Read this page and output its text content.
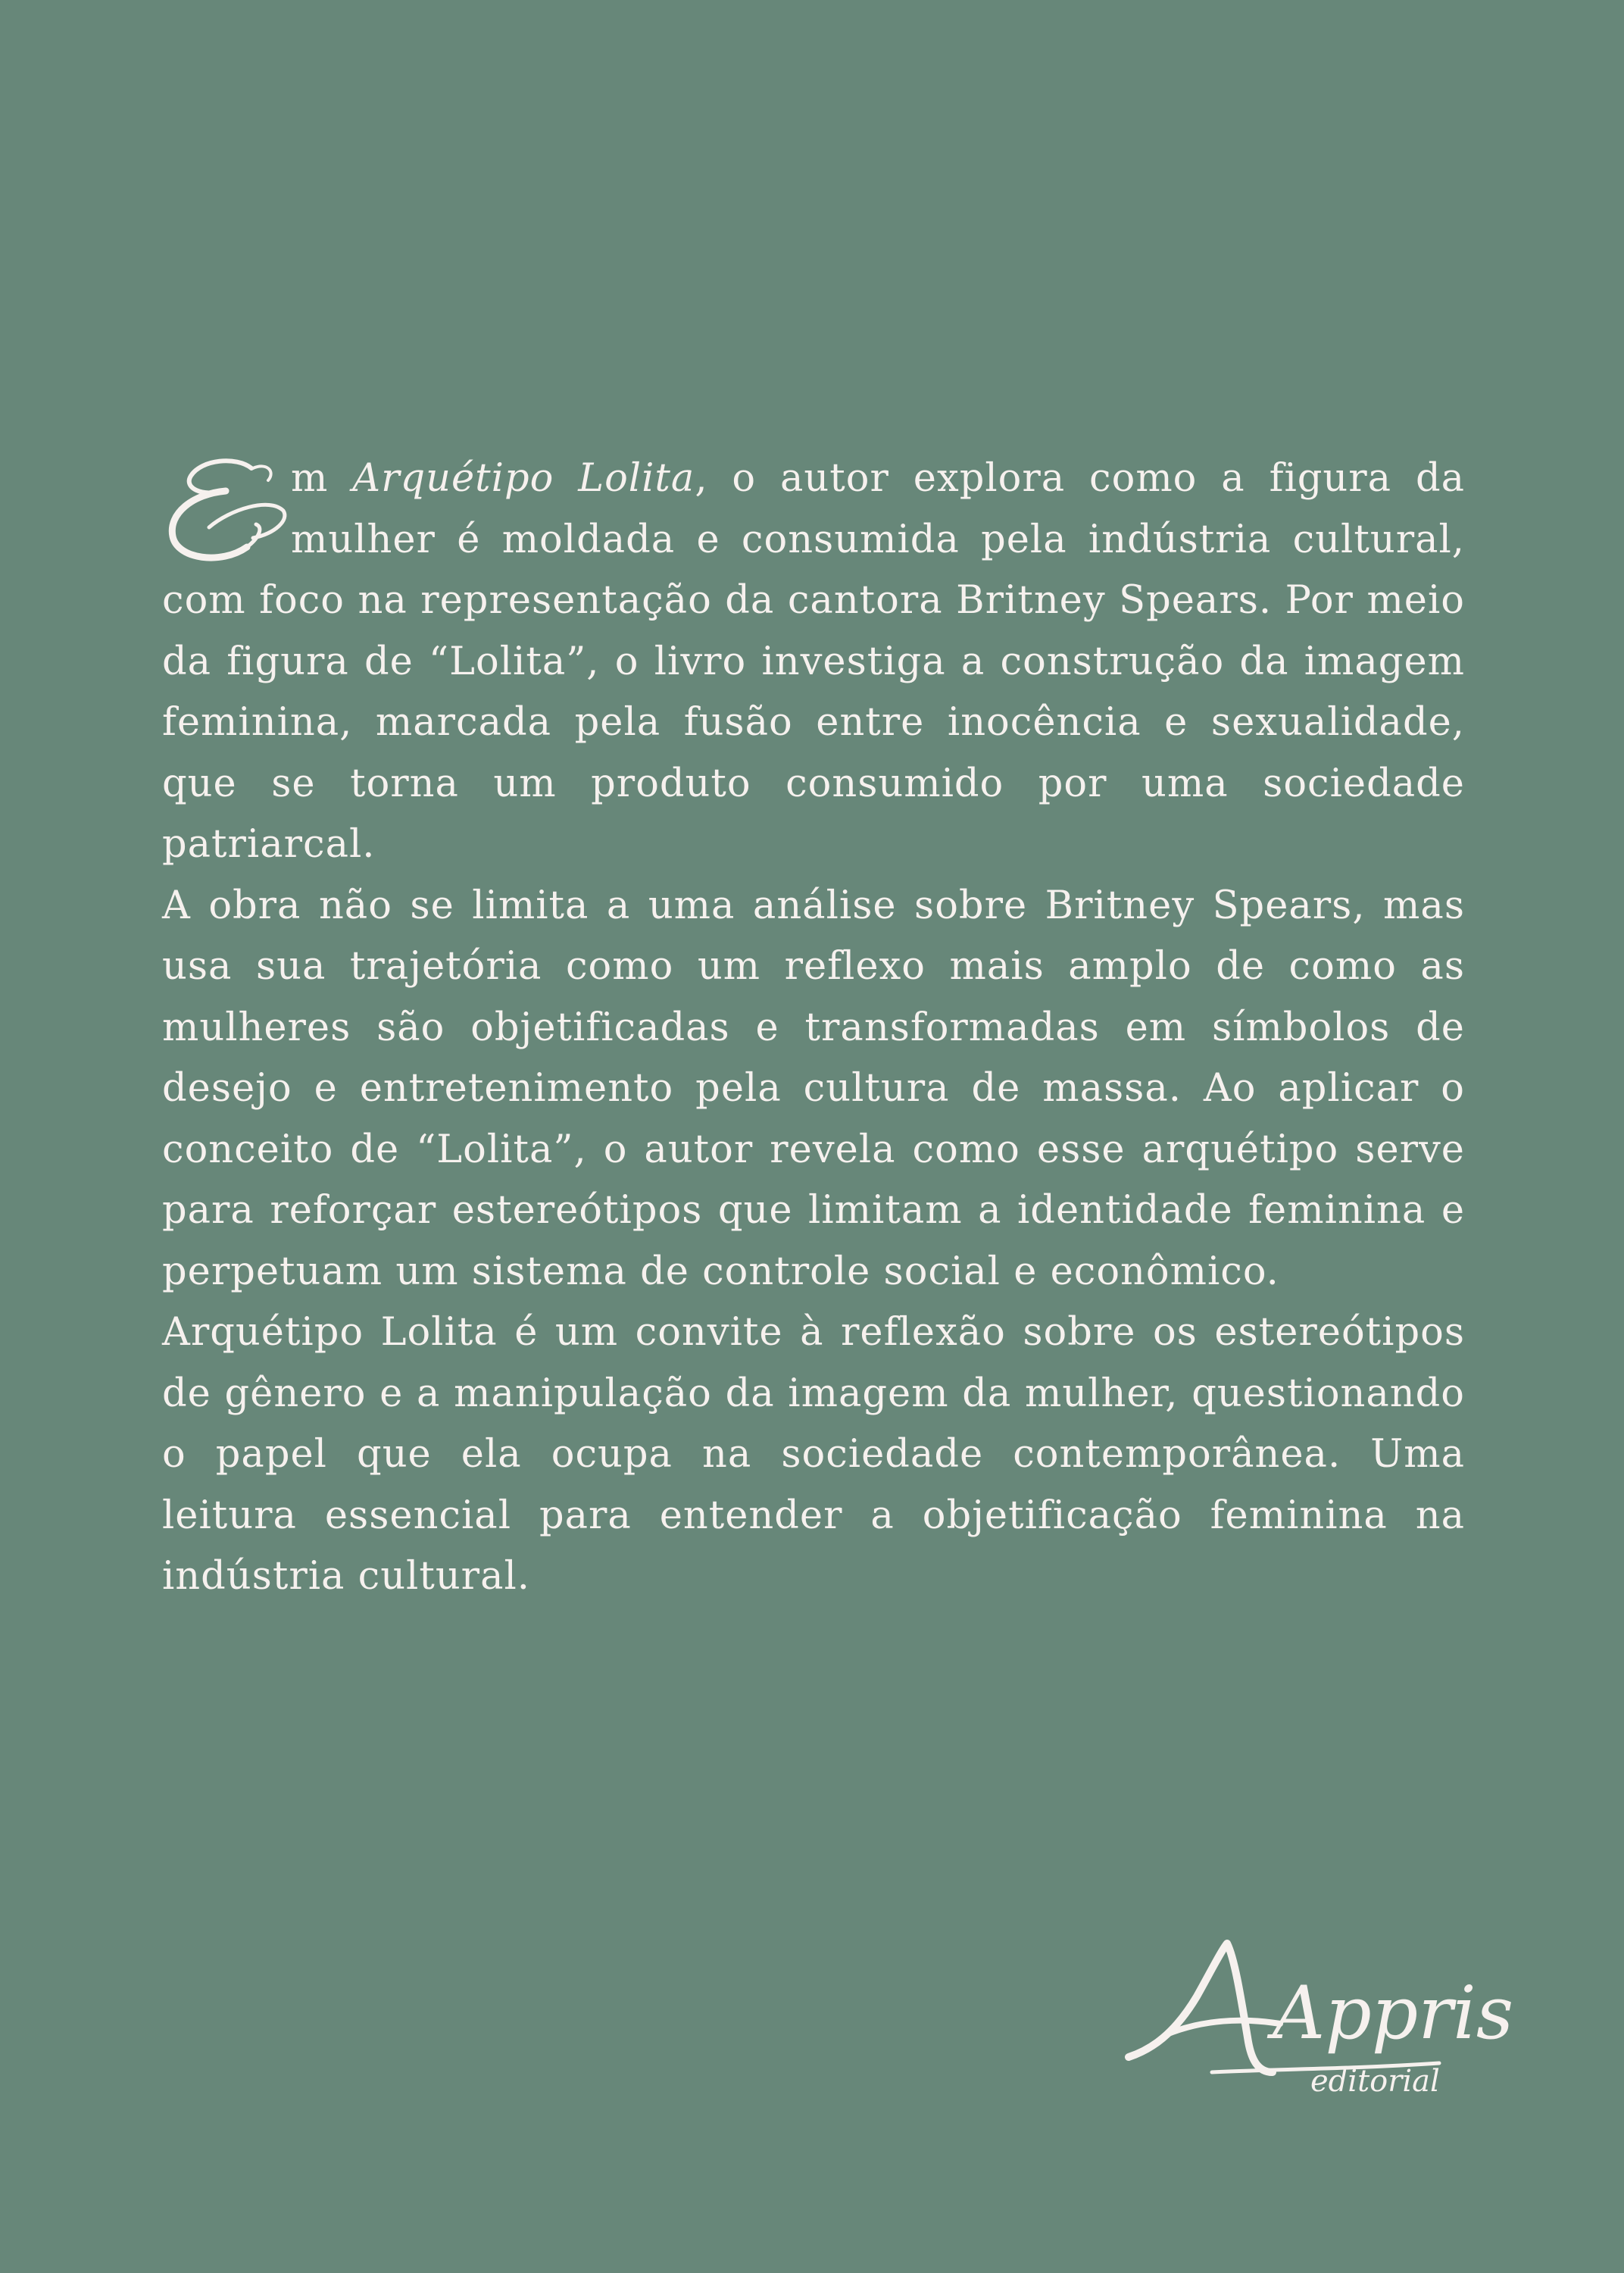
m Arquétipo Lolita, o autor explora como a figura da mulher é moldada e consumida pela indústria cultural, com foco na representação da cantora Britney Spears. Por meio da figura de “Lolita”, o livro investiga a construção da imagem feminina, marcada pela fusão entre inocência e sexualidade, que se torna um produto consumido por uma sociedade patriarcal.

A obra não se limita a uma análise sobre Britney Spears, mas usa sua trajetória como um reflexo mais amplo de como as mulheres são objetificadas e transformadas em símbolos de desejo e entretenimento pela cultura de massa. Ao aplicar o conceito de “Lolita”, o autor revela como esse arquétipo serve para reforçar estereótipos que limitam a identidade feminina e perpetuam um sistema de controle social e econômico.

Arquétipo Lolita é um convite à reflexão sobre os estereótipos de gênero e a manipulação da imagem da mulher, questionando o papel que ela ocupa na sociedade contemporânea. Uma leitura essencial para entender a objetificação feminina na indústria cultural.

Appris
editorial
